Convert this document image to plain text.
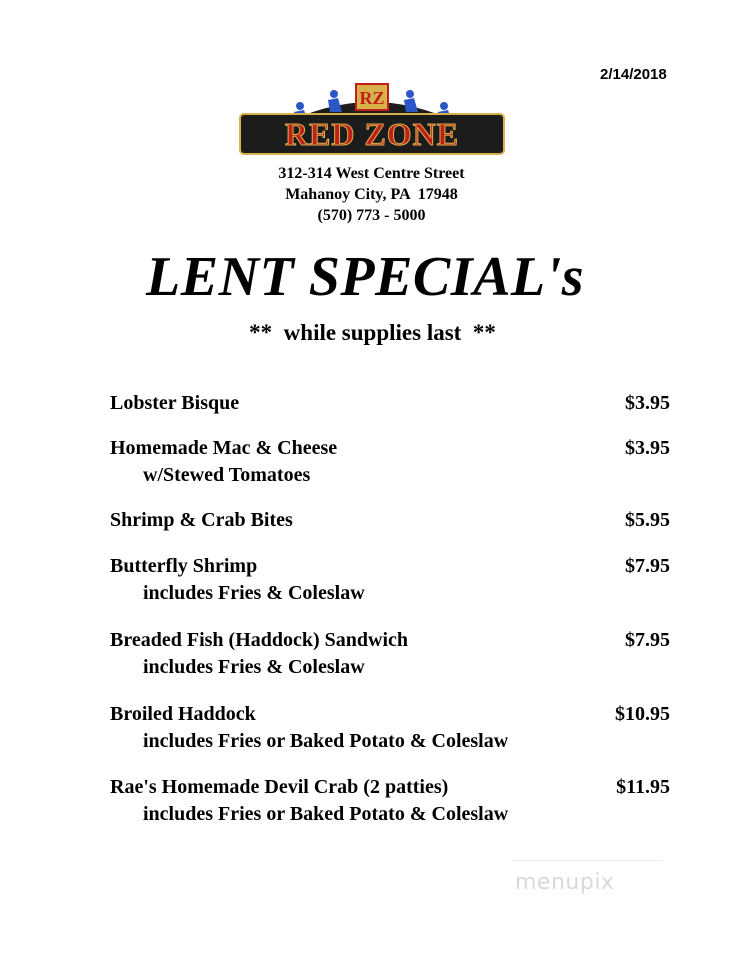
2/14/2018
RZ
RED ZONE
312-314 West Centre Street
Mahanoy City, PA  17948
(570) 773 - 5000
LENT SPECIAL's
**  while supplies last  **
Lobster Bisque	$3.95
Homemade Mac & Cheese
w/Stewed Tomatoes
$3.95
Shrimp & Crab Bites	$5.95
Butterfly Shrimp
includes Fries & Coleslaw
$7.95
Breaded Fish (Haddock) Sandwich
includes Fries & Coleslaw
$7.95
Broiled Haddock
includes Fries or Baked Potato & Coleslaw
$10.95
Rae's Homemade Devil Crab (2 patties)
includes Fries or Baked Potato & Coleslaw
$11.95
menupix
